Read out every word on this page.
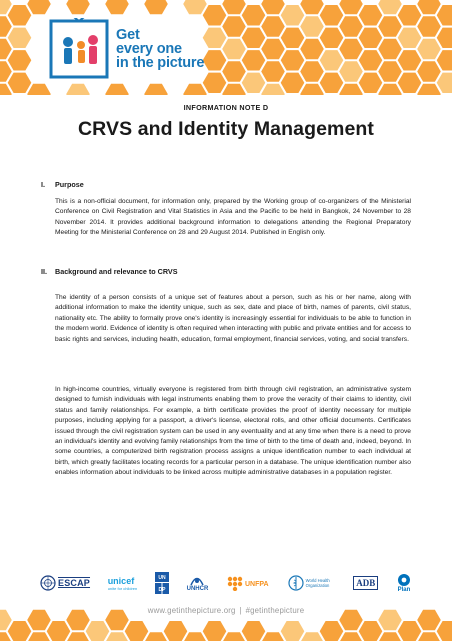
Get
every one
in the picture
INFORMATION NOTE D
CRVS and Identity Management
I. Purpose
This is a non-official document, for information only, prepared by the Working group of co-organizers of the Ministerial Conference on Civil Registration and Vital Statistics in Asia and the Pacific to be held in Bangkok, 24 November to 28 November 2014. It provides additional background information to delegations attending the Regional Preparatory Meeting for the Ministerial Conference on 28 and 29 August 2014. Published in English only.
II. Background and relevance to CRVS
The identity of a person consists of a unique set of features about a person, such as his or her name, along with additional information to make the identity unique, such as sex, date and place of birth, names of parents, civil status, nationality etc. The ability to formally prove one's identity is increasingly essential for individuals to be able to function in the modern world. Evidence of identity is often required when interacting with public and private entities and for access to basic rights and services, including health, education, formal employment, financial services, voting, and social transfers.
In high-income countries, virtually everyone is registered from birth through civil registration, an administrative system designed to furnish individuals with legal instruments enabling them to prove the veracity of their claims to identity, civil status and family relationships. For example, a birth certificate provides the proof of identity necessary for multiple purposes, including applying for a passport, a driver's license, electoral rolls, and other official documents. Certificates issued through the civil registration system can be used in any eventuality and at any time when there is a need to prove an individual's identity and evolving family relationships from the time of birth to the time of death and, indeed, beyond. In some countries, a computerized birth registration process assigns a unique identification number to each individual at birth, which greatly facilitates locating records for a particular person in a database. The unique identification number also enables information about individuals to be linked across multiple administrative databases in a population register.
ESCAP unicef
unite for children
UN
DP	UNHCR
UNFPA
World Health Organization	ADB
Plan
www.getinthepicture.org | #getinthepicture
